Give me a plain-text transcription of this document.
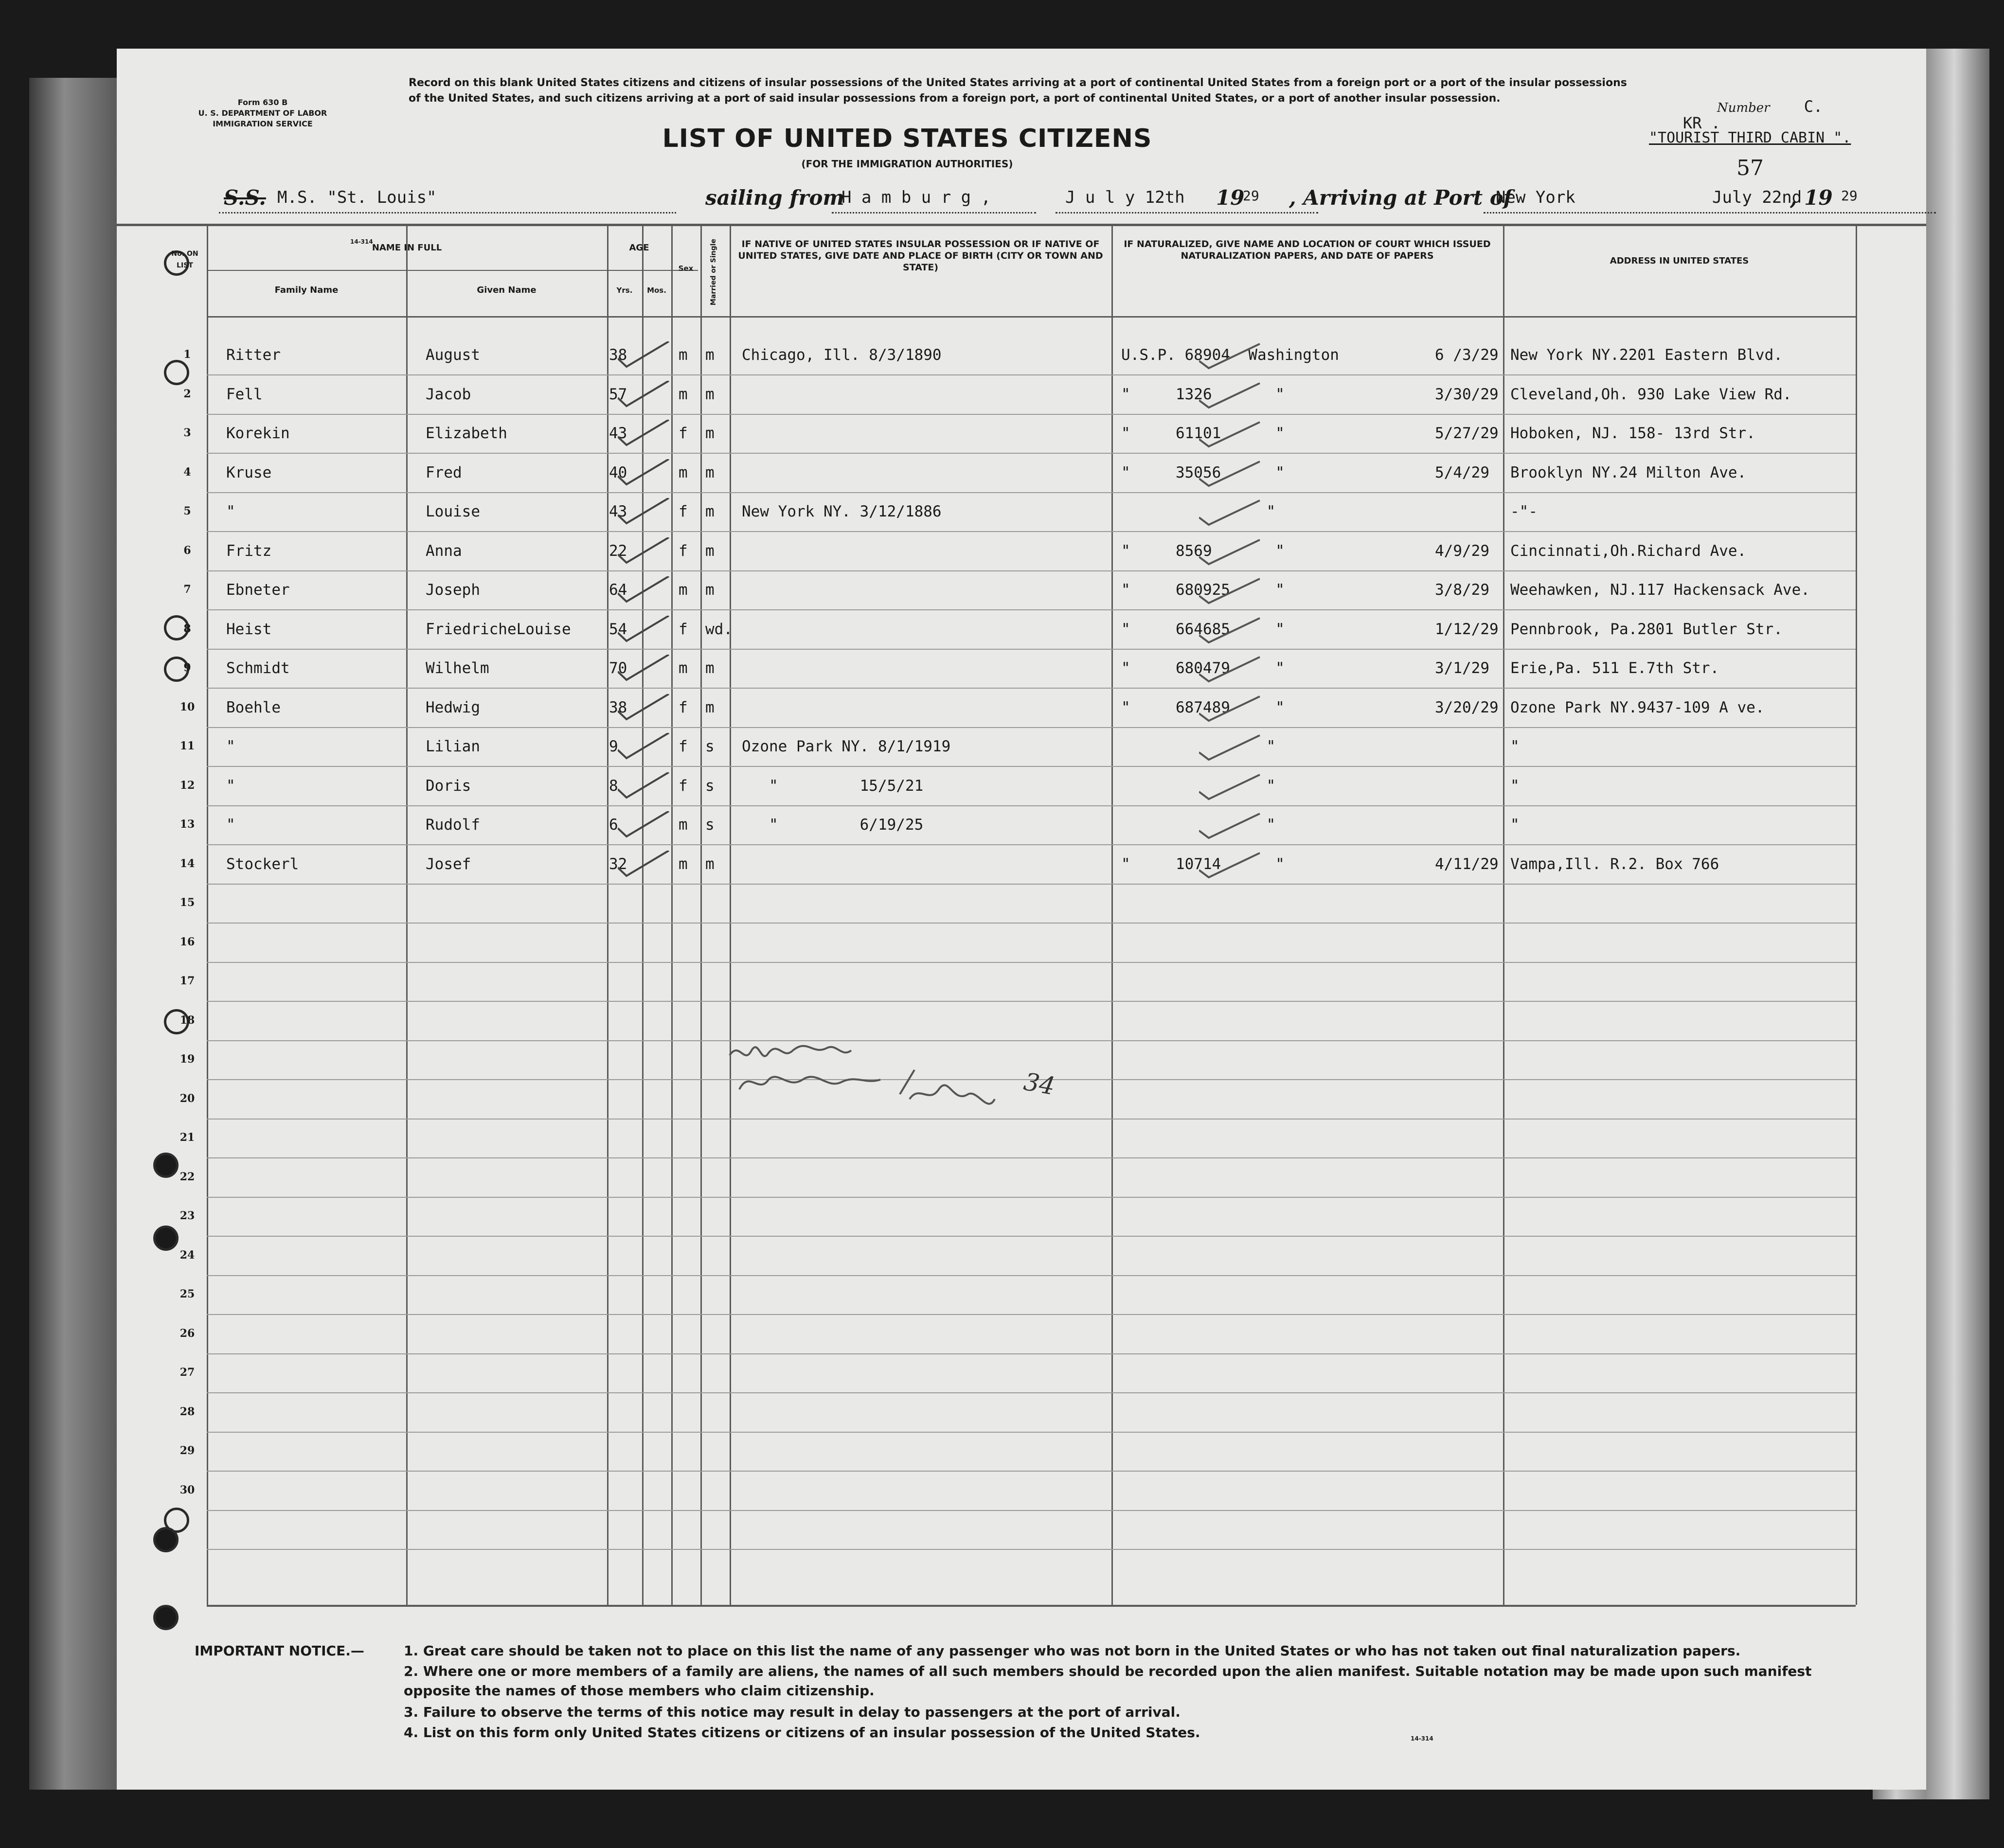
Form 630 B
U. S. DEPARTMENT OF LABOR
IMMIGRATION SERVICE
Record on this blank United States citizens and citizens of insular possessions of the United States arriving at a port of continental United States from a foreign port or a port of the insular possessions of the United States, and such citizens arriving at a port of said insular possessions from a foreign port, a port of continental United States, or a port of another insular possession.
LIST OF UNITED STATES CITIZENS
(FOR THE IMMIGRATION AUTHORITIES)
Number C.
KR .
"TOURIST THIRD CABIN ".
57
S.S. M.S. "St. Louis"	sailing from
H a m b u r g ,	J u l y 12th 19
29 , Arriving at Port of
New York	July 22nd
, 19 29
No. ON LIST
NAME IN FULL
Family Name	Given Name
AGE
Yrs.	Mos.
Sex	Married or Single	IF NATIVE OF UNITED STATES INSULAR POSSESSION OR IF NATIVE OF UNITED STATES, GIVE DATE AND PLACE OF BIRTH (CITY OR TOWN AND STATE)
IF NATURALIZED, GIVE NAME AND LOCATION OF COURT WHICH ISSUED NATURALIZATION PAPERS, AND DATE OF PAPERS	ADDRESS IN UNITED STATES
1	Ritter	August	38	m m Chicago, Ill. 8/3/1890	U.S.P. 68904  Washington	6 /3/29 New York NY.2201 Eastern Blvd.
2	Fell	Jacob	57	m m	"     1326       "	3/30/29 Cleveland,Oh. 930 Lake View Rd.
3	Korekin	Elizabeth	43	f m	"     61101      "	5/27/29 Hoboken, NJ. 158- 13rd Str.
4	Kruse	Fred	40	m m	"     35056      "	5/4/29 Brooklyn NY.24 Milton Ave.
5	"	Louise	43	f m New York NY. 3/12/1886	"	-"-
6	Fritz	Anna	22	f m	"     8569       "	4/9/29 Cincinnati,Oh.Richard Ave.
7	Ebneter	Joseph	64	m m	"     680925     "	3/8/29 Weehawken, NJ.117 Hackensack Ave.
8	Heist	FriedricheLouise	54	f wd.	"     664685     "	1/12/29 Pennbrook, Pa.2801 Butler Str.
9	Schmidt	Wilhelm	70	m m	"     680479     "	3/1/29 Erie,Pa. 511 E.7th Str.
10	Boehle	Hedwig	38	f m	"     687489     "	3/20/29 Ozone Park NY.9437-109 A ve.
11	"	Lilian	9	f s Ozone Park NY. 8/1/1919	"	"
12	"	Doris	8	f s "         15/5/21	"	"
13	"	Rudolf	6	m s "         6/19/25	"	"
14	Stockerl	Josef	32	m m	"     10714      "	4/11/29 Vampa,Ill. R.2. Box 766
15
16
17
18
19
20
21
22
23
24
25
26
27
28
29
30
34
14-314
IMPORTANT NOTICE.—	1. Great care should be taken not to place on this list the name of any passenger who was not born in the United States or who has not taken out final naturalization papers.
2. Where one or more members of a family are aliens, the names of all such members should be recorded upon the alien manifest. Suitable notation may be made upon such manifest opposite the names of those members who claim citizenship.
3. Failure to observe the terms of this notice may result in delay to passengers at the port of arrival.
4. List on this form only United States citizens or citizens of an insular possession of the United States.	14-314
